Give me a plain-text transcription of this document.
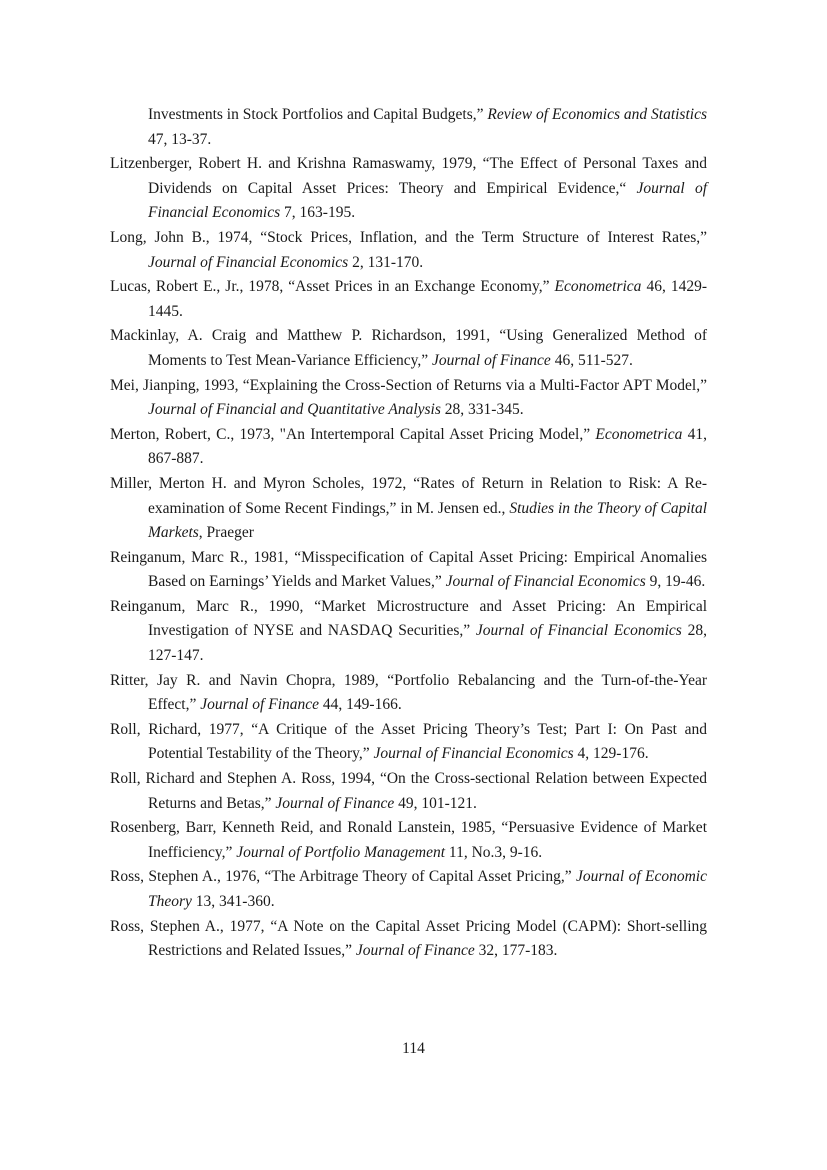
Investments in Stock Portfolios and Capital Budgets,” Review of Economics and Statistics 47, 13-37.

Litzenberger, Robert H. and Krishna Ramaswamy, 1979, “The Effect of Personal Taxes and Dividends on Capital Asset Prices: Theory and Empirical Evidence,“ Journal of Financial Economics 7, 163-195.

Long, John B., 1974, “Stock Prices, Inflation, and the Term Structure of Interest Rates,” Journal of Financial Economics 2, 131-170.

Lucas, Robert E., Jr., 1978, “Asset Prices in an Exchange Economy,” Econometrica 46, 1429-1445.

Mackinlay, A. Craig and Matthew P. Richardson, 1991, “Using Generalized Method of Moments to Test Mean-Variance Efficiency,” Journal of Finance 46, 511-527.

Mei, Jianping, 1993, “Explaining the Cross-Section of Returns via a Multi-Factor APT Model,” Journal of Financial and Quantitative Analysis 28, 331-345.

Merton, Robert, C., 1973, "An Intertemporal Capital Asset Pricing Model,” Econometrica 41, 867-887.

Miller, Merton H. and Myron Scholes, 1972, “Rates of Return in Relation to Risk: A Re-examination of Some Recent Findings,” in M. Jensen ed., Studies in the Theory of Capital Markets, Praeger

Reinganum, Marc R., 1981, “Misspecification of Capital Asset Pricing: Empirical Anomalies Based on Earnings’ Yields and Market Values,” Journal of Financial Economics 9, 19-46.

Reinganum, Marc R., 1990, “Market Microstructure and Asset Pricing: An Empirical Investigation of NYSE and NASDAQ Securities,” Journal of Financial Economics 28, 127-147.

Ritter, Jay R. and Navin Chopra, 1989, “Portfolio Rebalancing and the Turn-of-the-Year Effect,” Journal of Finance 44, 149-166.

Roll, Richard, 1977, “A Critique of the Asset Pricing Theory’s Test; Part I: On Past and Potential Testability of the Theory,” Journal of Financial Economics 4, 129-176.

Roll, Richard and Stephen A. Ross, 1994, “On the Cross-sectional Relation between Expected Returns and Betas,” Journal of Finance 49, 101-121.

Rosenberg, Barr, Kenneth Reid, and Ronald Lanstein, 1985, “Persuasive Evidence of Market Inefficiency,” Journal of Portfolio Management 11, No.3, 9-16.

Ross, Stephen A., 1976, “The Arbitrage Theory of Capital Asset Pricing,” Journal of Economic Theory 13, 341-360.

Ross, Stephen A., 1977, “A Note on the Capital Asset Pricing Model (CAPM): Short-selling Restrictions and Related Issues,” Journal of Finance 32, 177-183.

114
